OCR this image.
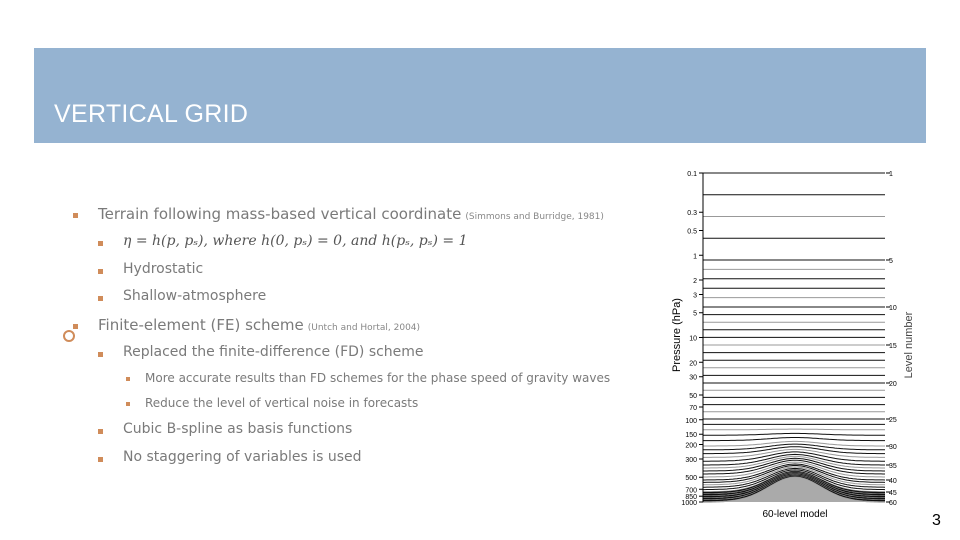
VERTICAL GRID
Terrain following mass-based vertical coordinate (Simmons and Burridge, 1981)
η = h(p, pₛ), where h(0, pₛ) = 0, and h(pₛ, pₛ) = 1
Hydrostatic
Shallow-atmosphere
Finite-element (FE) scheme (Untch and Hortal, 2004)
Replaced the finite-difference (FD) scheme
More accurate results than FD schemes for the phase speed of gravity waves
Reduce the level of vertical noise in forecasts
Cubic B-spline as basis functions
No staggering of variables is used
0.1
0.3
0.5
1
2
3
5
10
20
30
50
70
100
150
200
300
500
700
850
1000
1
5
10
15
20
25
30
35
40
45
60
Pressure (hPa)	Level number
60-level model	3
